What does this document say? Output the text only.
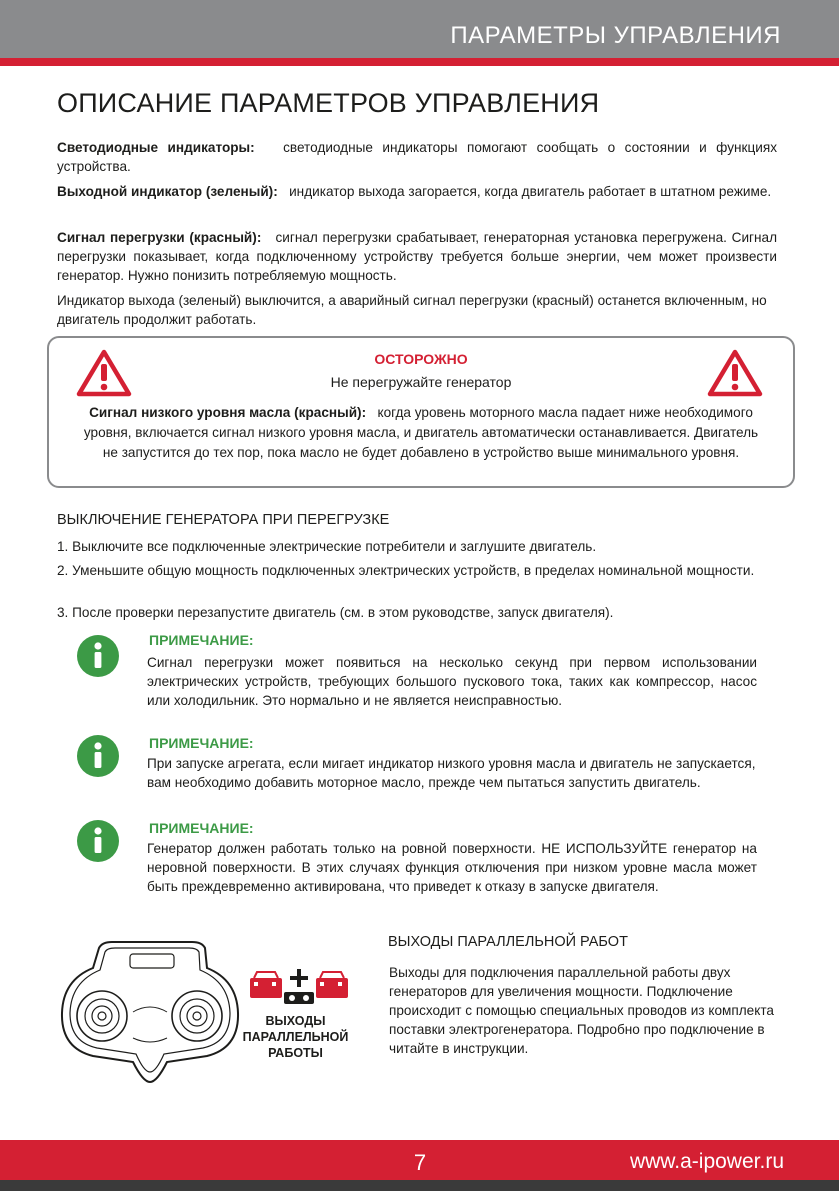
ПАРАМЕТРЫ УПРАВЛЕНИЯ
ОПИСАНИЕ ПАРАМЕТРОВ УПРАВЛЕНИЯ
Светодиодные индикаторы: светодиодные индикаторы помогают сообщать о состоянии и функциях устройства.
Выходной индикатор (зеленый): индикатор выхода загорается, когда двигатель работает в штатном режиме.
Сигнал перегрузки (красный): сигнал перегрузки срабатывает, генераторная установка перегружена. Сигнал перегрузки показывает, когда подключенному устройству требуется больше энергии, чем может произвести генератор. Нужно понизить потребляемую мощность.
Индикатор выхода (зеленый) выключится, а аварийный сигнал перегрузки (красный) останется включенным, но двигатель продолжит работать.
ОСТОРОЖНО
Не перегружайте генератор
Сигнал низкого уровня масла (красный): когда уровень моторного масла падает ниже необходимого уровня, включается сигнал низкого уровня масла, и двигатель автоматически останавливается. Двигатель не запустится до тех пор, пока масло не будет добавлено в устройство выше минимального уровня.
ВЫКЛЮЧЕНИЕ ГЕНЕРАТОРА ПРИ ПЕРЕГРУЗКЕ
1. Выключите все подключенные электрические потребители и заглушите двигатель.
2. Уменьшите общую мощность подключенных электрических устройств, в пределах номинальной мощности.
3. После проверки перезапустите двигатель (см. в этом руководстве, запуск двигателя).
ПРИМЕЧАНИЕ:
Сигнал перегрузки может появиться на несколько секунд при первом использовании электрических устройств, требующих большого пускового тока, таких как компрессор, насос или холодильник. Это нормально и не является неисправностью.
ПРИМЕЧАНИЕ:
При запуске агрегата, если мигает индикатор низкого уровня масла и двигатель не запускается, вам необходимо добавить моторное масло, прежде чем пытаться запустить двигатель.
ПРИМЕЧАНИЕ:
Генератор должен работать только на ровной поверхности. НЕ ИСПОЛЬЗУЙТЕ генератор на неровной поверхности. В этих случаях функция отключения при низком уровне масла может быть преждевременно активирована, что приведет к отказу в запуске двигателя.
ВЫХОДЫ
ПАРАЛЛЕЛЬНОЙ
РАБОТЫ
ВЫХОДЫ ПАРАЛЛЕЛЬНОЙ РАБОТ
Выходы для подключения параллельной работы двух генераторов для увеличения мощности. Подключение происходит с помощью специальных проводов из комплекта поставки электрогенератора. Подробно про подключение в читайте в инструкции.
7	www.a-ipower.ru
